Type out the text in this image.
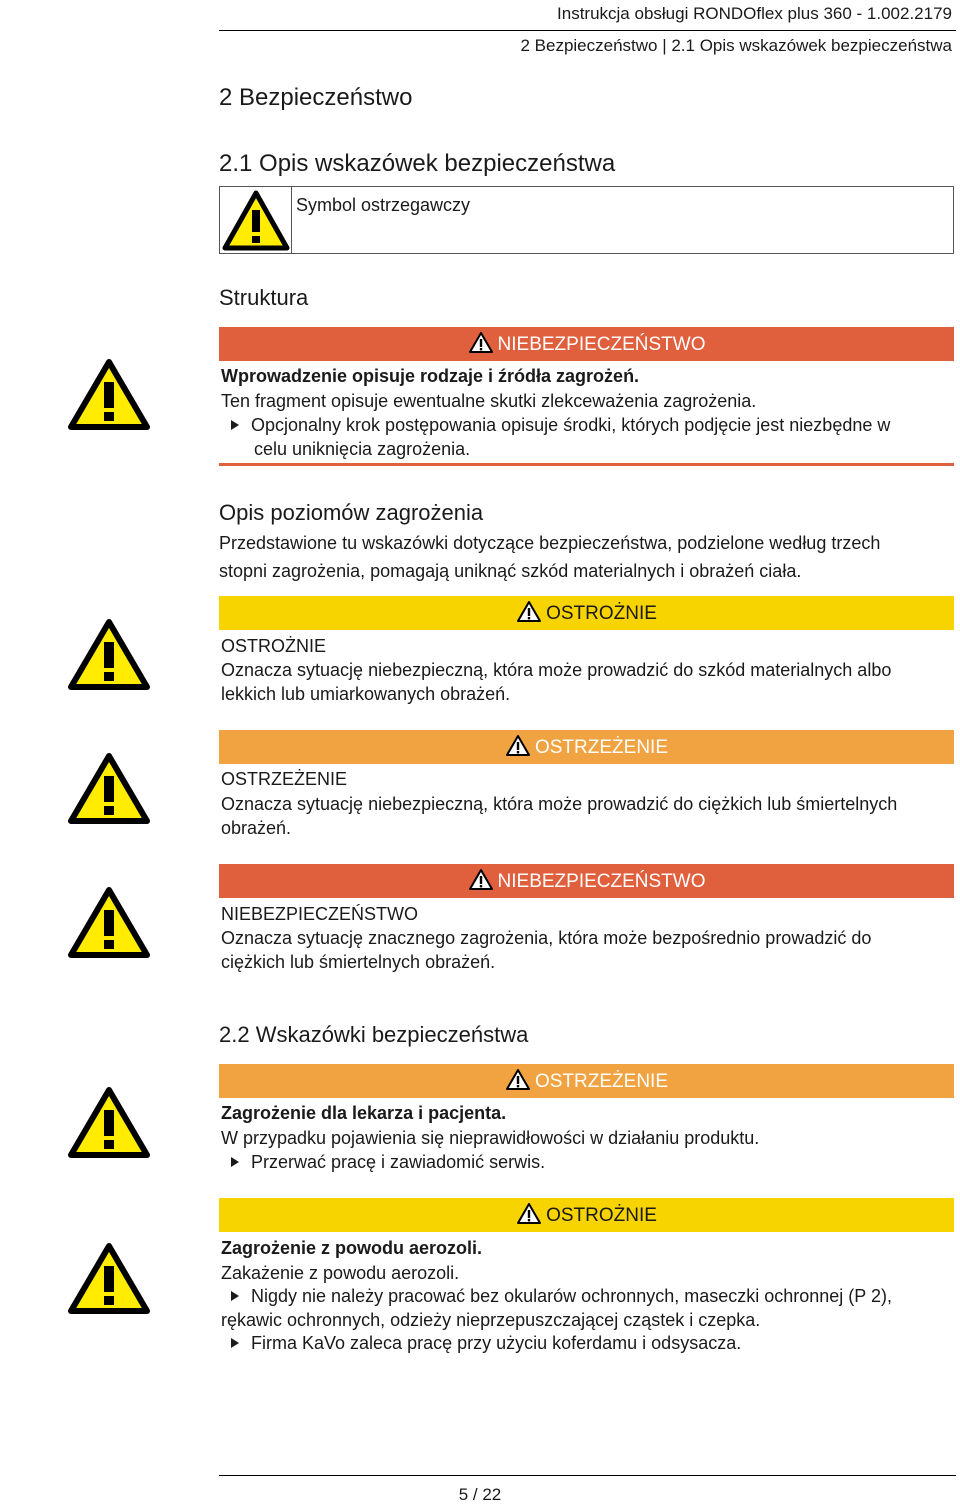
Instrukcja obsługi RONDOflex plus 360 - 1.002.2179
2 Bezpieczeństwo | 2.1 Opis wskazówek bezpieczeństwa
2 Bezpieczeństwo
2.1 Opis wskazówek bezpieczeństwa
Symbol ostrzegawczy
Struktura
NIEBEZPIECZEŃSTWO
Wprowadzenie opisuje rodzaje i źródła zagrożeń.
Ten fragment opisuje ewentualne skutki zlekceważenia zagrożenia.
Opcjonalny krok postępowania opisuje środki, których podjęcie jest niezbędne w
celu uniknięcia zagrożenia.
Opis poziomów zagrożenia
Przedstawione tu wskazówki dotyczące bezpieczeństwa, podzielone według trzech
stopni zagrożenia, pomagają uniknąć szkód materialnych i obrażeń ciała.
OSTROŻNIE
OSTROŻNIE
Oznacza sytuację niebezpieczną, która może prowadzić do szkód materialnych albo
lekkich lub umiarkowanych obrażeń.
OSTRZEŻENIE
OSTRZEŻENIE
Oznacza sytuację niebezpieczną, która może prowadzić do ciężkich lub śmiertelnych
obrażeń.
NIEBEZPIECZEŃSTWO
NIEBEZPIECZEŃSTWO
Oznacza sytuację znacznego zagrożenia, która może bezpośrednio prowadzić do
ciężkich lub śmiertelnych obrażeń.
2.2 Wskazówki bezpieczeństwa
OSTRZEŻENIE
Zagrożenie dla lekarza i pacjenta.
W przypadku pojawienia się nieprawidłowości w działaniu produktu.
Przerwać pracę i zawiadomić serwis.
OSTROŻNIE
Zagrożenie z powodu aerozoli.
Zakażenie z powodu aerozoli.
Nigdy nie należy pracować bez okularów ochronnych, maseczki ochronnej (P 2),
rękawic ochronnych, odzieży nieprzepuszczającej cząstek i czepka.
Firma KaVo zaleca pracę przy użyciu koferdamu i odsysacza.
5 / 22
